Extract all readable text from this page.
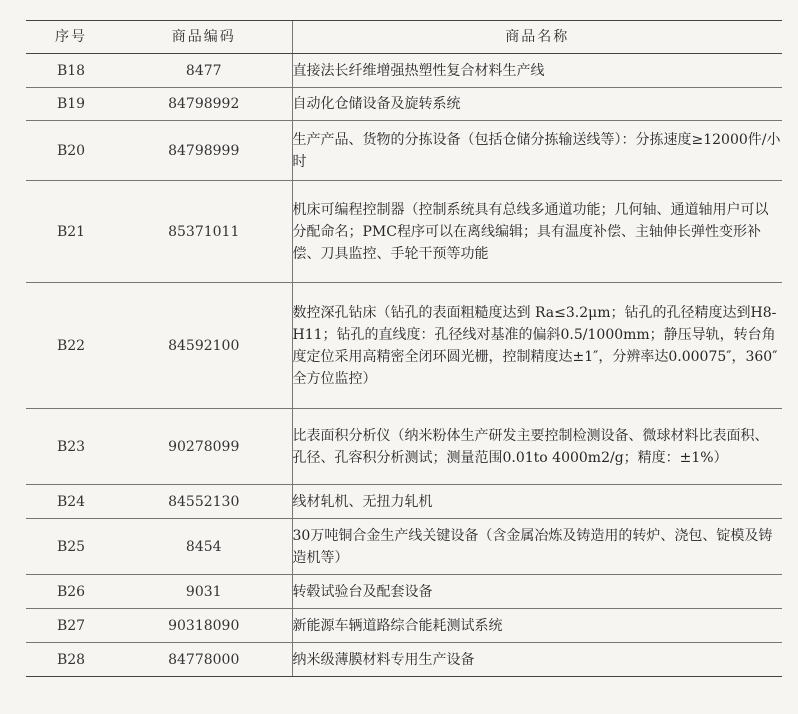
序号	商品编码	商品名称
B18	8477	直接法长纤维增强热塑性复合材料生产线
B19	84798992	自动化仓储设备及旋转系统
B20	84798999	生产产品、货物的分拣设备（包括仓储分拣输送线等）：分拣速度≥12000件/小时
B21	85371011	机床可编程控制器（控制系统具有总线多通道功能；几何轴、通道轴用户可以分配命名；PMC程序可以在离线编辑；具有温度补偿、主轴伸长弹性变形补偿、刀具监控、手轮干预等功能
B22	84592100	数控深孔钻床（钻孔的表面粗糙度达到 Ra≤3.2μm；钻孔的孔径精度达到H8-H11；钻孔的直线度：孔径线对基准的偏斜0.5/1000mm；静压导轨，转台角度定位采用高精密全闭环圆光栅，控制精度达±1″，分辨率达0.00075″，360″全方位监控）
B23	90278099	比表面积分析仪（纳米粉体生产研发主要控制检测设备、微球材料比表面积、孔径、孔容积分析测试；测量范围0.01to 4000m2/g；精度：±1%）
B24	84552130	线材轧机、无扭力轧机
B25	8454	30万吨铜合金生产线关键设备（含金属冶炼及铸造用的转炉、浇包、锭模及铸造机等）
B26	9031	转毂试验台及配套设备
B27	90318090	新能源车辆道路综合能耗测试系统
B28	84778000	纳米级薄膜材料专用生产设备
